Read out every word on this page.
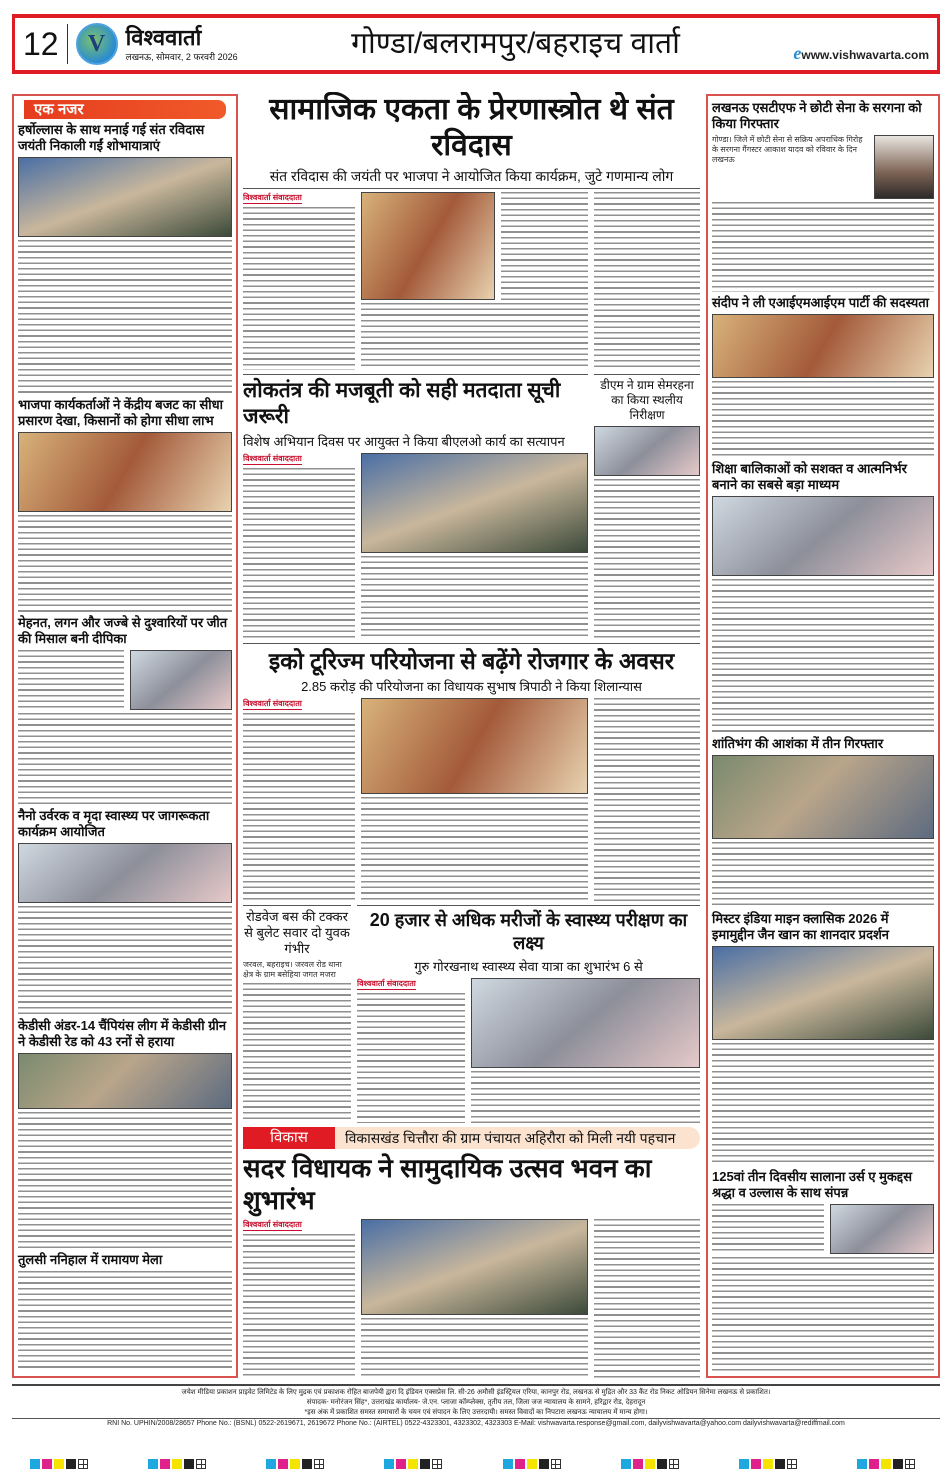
12 V विश्ववार्ता
लखनऊ, सोमवार, 2 फरवरी 2026	गोण्डा/बलरामपुर/बहराइच वार्ता	ewww.vishwavarta.com
एक नजर
हर्षोल्लास के साथ मनाई गई संत रविदास जयंती निकाली गईं शोभायात्राएं
भाजपा कार्यकर्ताओं ने केंद्रीय बजट का सीधा प्रसारण देखा, किसानों को होगा सीधा लाभ
मेहनत, लगन और जज्बे से दुश्वारियों पर जीत की मिसाल बनी दीपिका
नैनो उर्वरक व मृदा स्वास्थ्य पर जागरूकता कार्यक्रम आयोजित
केडीसी अंडर-14 चैंपियंस लीग में केडीसी ग्रीन ने केडीसी रेड को 43 रनों से हराया
तुलसी ननिहाल में रामायण मेला
सामाजिक एकता के प्रेरणास्त्रोत थे संत रविदास
संत रविदास की जयंती पर भाजपा ने आयोजित किया कार्यक्रम, जुटे गणमान्य लोग
विश्ववार्ता संवाददाता
लोकतंत्र की मजबूती को सही मतदाता सूची जरूरी
विशेष अभियान दिवस पर आयुक्त ने किया बीएलओ कार्य का सत्यापन
विश्ववार्ता संवाददाता
डीएम ने ग्राम सेमरहना का किया स्थलीय निरीक्षण
इको टूरिज्म परियोजना से बढ़ेंगे रोजगार के अवसर
2.85 करोड़ की परियोजना का विधायक सुभाष त्रिपाठी ने किया शिलान्यास
विश्ववार्ता संवाददाता
रोडवेज बस की टक्कर से बुलेट सवार दो युवक गंभीर
जरवल, बहराइच। जरवल रोड थाना क्षेत्र के ग्राम बसेहिया जगत मजरा
20 हजार से अधिक मरीजों के स्वास्थ्य परीक्षण का लक्ष्य
गुरु गोरखनाथ स्वास्थ्य सेवा यात्रा का शुभारंभ 6 से
विश्ववार्ता संवाददाता
विकास	विकासखंड चित्तौरा की ग्राम पंचायत अहिरौरा को मिली नयी पहचान
सदर विधायक ने सामुदायिक उत्सव भवन का शुभारंभ
विश्ववार्ता संवाददाता
लखनऊ एसटीएफ ने छोटी सेना के सरगना को किया गिरफ्तार
गोण्डा। जिले में छोटी सेना से सक्रिय अपराधिक गिरोह के सरगना गैंगस्टर आकाश यादव को रविवार के दिन लखनऊ
संदीप ने ली एआईएमआईएम पार्टी की सदस्यता
शिक्षा बालिकाओं को सशक्त व आत्मनिर्भर बनाने का सबसे बड़ा माध्यम
शांतिभंग की आशंका में तीन गिरफ्तार
मिस्टर इंडिया माइन क्लासिक 2026 में इमामुद्दीन जैन खान का शानदार प्रदर्शन
125वां तीन दिवसीय सालाना उर्स ए मुकद्दस श्रद्धा व उल्लास के साथ संपन्न
जयेश मीडिया प्रकाशन प्राइवेट लिमिटेड के लिए मुद्रक एवं प्रकाशक रोहित बाजपेयी द्वारा दि इंडियन एक्सप्रेस लि. सी-26 अमौसी इंडस्ट्रियल एरिया, कानपुर रोड, लखनऊ से मुद्रित और 33 कैंट रोड निकट ओडियन सिनेमा लखनऊ से प्रकाशित।
संपादक- मनोरंजन सिंह*, उत्तराखंड कार्यालय- जे.एन. प्लाजा कॉम्प्लेक्स, तृतीय तल, जिला जज न्यायालय के सामने, हरिद्वार रोड, देहरादून
*इस अंक में प्रकाशित समस्त समाचारों के चयन एवं संपादन के लिए उत्तरदायी। समस्त विवादों का निपटारा लखनऊ न्यायालय में मान्य होगा।
RNI No. UPHIN/2008/28657 Phone No.: (BSNL) 0522-2619671, 2619672 Phone No.: (AIRTEL) 0522-4323301, 4323302, 4323303 E-Mail: vishwavarta.response@gmail.com, dailyvishwavarta@yahoo.com dailyvishwavarta@rediffmail.com
